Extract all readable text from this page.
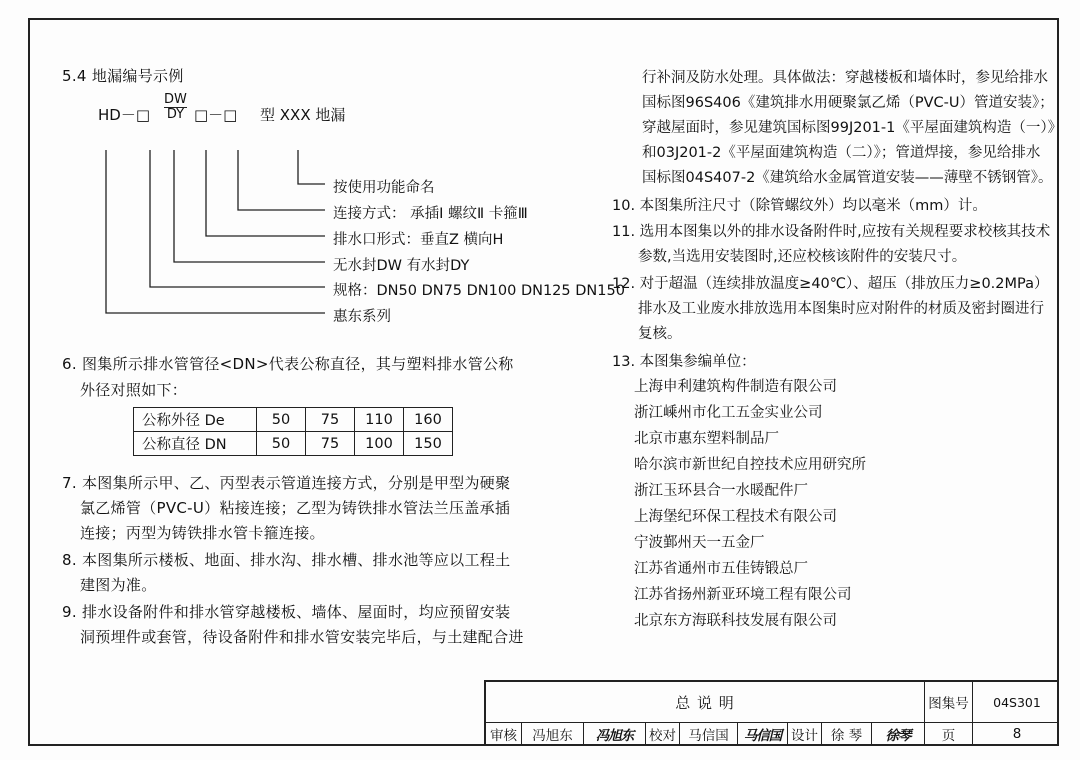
5.4 地漏编号示例
HD－□
DW
DY □－□ 型 XXX 地漏
按使用功能命名
连接方式： 承插Ⅰ 螺纹Ⅱ 卡箍Ⅲ
排水口形式：垂直Z 横向H
无水封DW 有水封DY
规格：DN50 DN75 DN100 DN125 DN150
惠东系列
6. 图集所示排水管管径<DN>代表公称直径，其与塑料排水管公称
外径对照如下：
公称外径 De	50	75	110	160
公称直径 DN	50	75	100	150
7. 本图集所示甲、乙、丙型表示管道连接方式，分别是甲型为硬聚
氯乙烯管（PVC-U）粘接连接；乙型为铸铁排水管法兰压盖承插
连接；丙型为铸铁排水管卡箍连接。
8. 本图集所示楼板、地面、排水沟、排水槽、排水池等应以工程土
建图为准。
9. 排水设备附件和排水管穿越楼板、墙体、屋面时，均应预留安装
洞预埋件或套管，待设备附件和排水管安装完毕后，与土建配合进
行补洞及防水处理。具体做法：穿越楼板和墙体时，参见给排水
国标图96S406《建筑排水用硬聚氯乙烯（PVC-U）管道安装》；
穿越屋面时，参见建筑国标图99J201-1《平屋面建筑构造（一）》
和03J201-2《平屋面建筑构造（二）》；管道焊接，参见给排水
国标图04S407-2《建筑给水金属管道安装——薄壁不锈钢管》。
10. 本图集所注尺寸（除管螺纹外）均以毫米（mm）计。
11. 选用本图集以外的排水设备附件时,应按有关规程要求校核其技术
参数,当选用安装图时,还应校核该附件的安装尺寸。
12. 对于超温（连续排放温度≥40℃）、超压（排放压力≥0.2MPa）
排水及工业废水排放选用本图集时应对附件的材质及密封圈进行
复核。
13. 本图集参编单位：
上海申利建筑构件制造有限公司
浙江嵊州市化工五金实业公司
北京市惠东塑料制品厂
哈尔滨市新世纪自控技术应用研究所
浙江玉环县合一水暖配件厂
上海堡纪环保工程技术有限公司
宁波鄞州天一五金厂
江苏省通州市五佳铸锻总厂
江苏省扬州新亚环境工程有限公司
北京东方海联科技发展有限公司
总 说 明	图集号	04S301
审核	冯旭东	冯旭东	校对 马信国	马信国 设计 徐 琴	徐琴	页	8
